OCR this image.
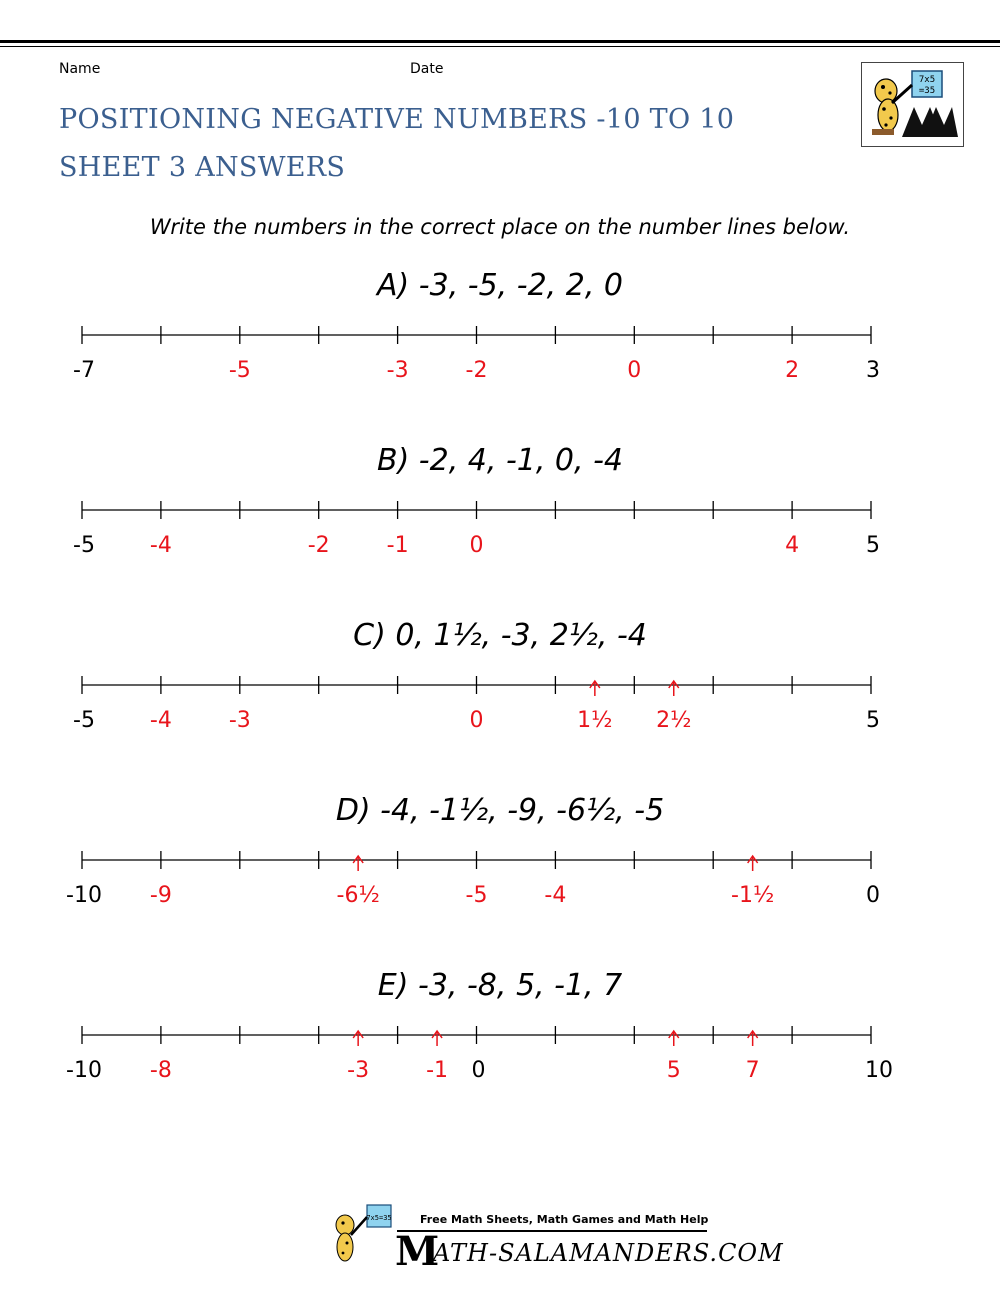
Name	Date
POSITIONING NEGATIVE NUMBERS -10 TO 10
SHEET 3 ANSWERS
7x5
=35
Write the numbers in the correct place on the number lines below.
A) -3, -5, -2, 2, 0
-7	3
-5	-3	-2	0	2
B) -2, 4, -1, 0, -4
-5	5
-4	-2	-1	0	4
C) 0, 1½, -3, 2½, -4
-5	5
-4	-3	0	1½ 2½
D) -4, -1½, -9, -6½, -5
-10	0
-9	-6½	-5	-4	-1½
E) -3, -8, 5, -1, 7
-10	10
0
-8	-3	-1	5	7
7x5=35
M
Free Math Sheets, Math Games and Math Help
ATH-SALAMANDERS.COM
